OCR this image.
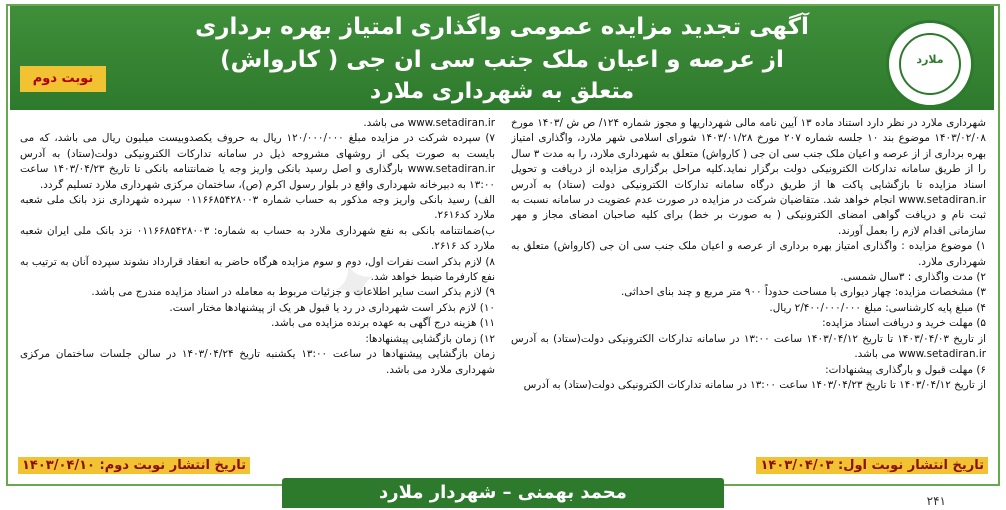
آگهی تجدید مزایده عمومی واگذاری امتیاز بهره برداری
از عرصه و اعیان ملک جنب سی ان جی ( کارواش)
متعلق به شهرداری ملارد
ملارد
نوبت دوم
✦

شهرداری ملارد در نظر دارد استناد ماده ۱۳ آیین نامه مالی شهرداریها و مجوز شماره ۱۲۴/ ص ش /۱۴۰۳ مورخ ۱۴۰۳/۰۲/۰۸ موضوع بند ۱۰ جلسه شماره ۲۰۷ مورخ ۱۴۰۳/۰۱/۲۸ شورای اسلامی شهر ملارد، واگذاری امتیاز بهره برداری از از عرصه و اعیان ملک جنب سی ان جی ( کارواش) متعلق به شهرداری ملارد، را به مدت ۳ سال را از طریق سامانه تدارکات الکترونیکی دولت برگزار نماید.کلیه مراحل برگزاری مزایده از دریافت و تحویل اسناد مزایده تا بازگشایی پاکت ها از طریق درگاه سامانه تدارکات الکترونیکی دولت (ستاد) به آدرس www.setadiran.ir انجام خواهد شد. متقاضیان شرکت در مزایده در صورت عدم عضویت در سامانه نسبت به ثبت نام و دریافت گواهی امضای الکترونیکی ( به صورت بر خط) برای کلیه صاحبان امضای مجاز و مهر سازمانی اقدام لازم را بعمل آورند.

۱) موضوع مزایده : واگذاری امتیاز بهره برداری از عرصه و اعیان ملک جنب سی ان جی (کارواش) متعلق به شهرداری ملارد.

۲) مدت واگذاری : ۳سال شمسی.

۳) مشخصات مزایده: چهار دیواری با مساحت حدوداً ۹۰۰ متر مربع و چند بنای احداثی.

۴) مبلغ پایه کارشناسی: مبلغ ۲/۴۰۰/۰۰۰/۰۰۰ ریال.

۵) مهلت خرید و دریافت اسناد مزایده:

از تاریخ ۱۴۰۳/۰۴/۰۳ تا تاریخ ۱۴۰۳/۰۴/۱۲ ساعت ۱۳:۰۰ در سامانه تدارکات الکترونیکی دولت(ستاد) به آدرس www.setadiran.ir می باشد.

۶) مهلت قبول و بارگذاری پیشنهادات:

از تاریخ ۱۴۰۳/۰۴/۱۲ تا تاریخ ۱۴۰۳/۰۴/۲۳ ساعت ۱۳:۰۰ در سامانه تدارکات الکترونیکی دولت(ستاد) به آدرس

www.setadiran.ir می باشد.

۷) سپرده شرکت در مزایده مبلغ ۱۲۰/۰۰۰/۰۰۰ ریال به حروف یکصدوبیست میلیون ریال می باشد، که می بایست به صورت یکی از روشهای مشروحه ذیل در سامانه تدارکات الکترونیکی دولت(ستاد) به آدرس www.setadiran.ir بارگذاری و اصل رسید بانکی واریز وجه یا ضمانتنامه بانکی تا تاریخ ۱۴۰۳/۰۴/۲۳ ساعت ۱۳:۰۰ به دبیرخانه شهرداری واقع در بلوار رسول اکرم (ص)، ساختمان مرکزی شهرداری ملارد تسلیم گردد.

الف) رسید بانکی واریز وجه مذکور به حساب شماره ۰۱۱۶۶۸۵۴۲۸۰۰۳ سپرده شهرداری نزد بانک ملی شعبه ملارد کد۲۶۱۶.

ب)ضمانتنامه بانکی به نفع شهرداری ملارد به حساب به شماره: ۰۱۱۶۶۸۵۴۲۸۰۰۳ نزد بانک ملی ایران شعبه ملارد کد ۲۶۱۶.

۸) لازم بذکر است نفرات اول، دوم و سوم مزایده هرگاه حاضر به انعقاد قرارداد نشوند سپرده آنان به ترتیب به نفع کارفرما ضبط خواهد شد.

۹) لازم بذکر است سایر اطلاعات و جزئیات مربوط به معامله در اسناد مزایده مندرج می باشد.

۱۰) لازم بذکر است شهرداری در رد یا قبول هر یک از پیشنهادها مختار است.

۱۱) هزینه درج آگهی به عهده برنده مزایده می باشد.

۱۲) زمان بازگشایی پیشنهادها:

زمان بازگشایی پیشنهادها در ساعت ۱۳:۰۰ یکشنبه تاریخ ۱۴۰۳/۰۴/۲۴ در سالن جلسات ساختمان مرکزی شهرداری ملارد می باشد.

تاریخ انتشار نوبت اول: ۱۴۰۳/۰۴/۰۳
تاریخ انتشار نوبت دوم: ۱۴۰۳/۰۴/۱۰
محمد بهمنی – شهردار ملارد	۲۴۱
